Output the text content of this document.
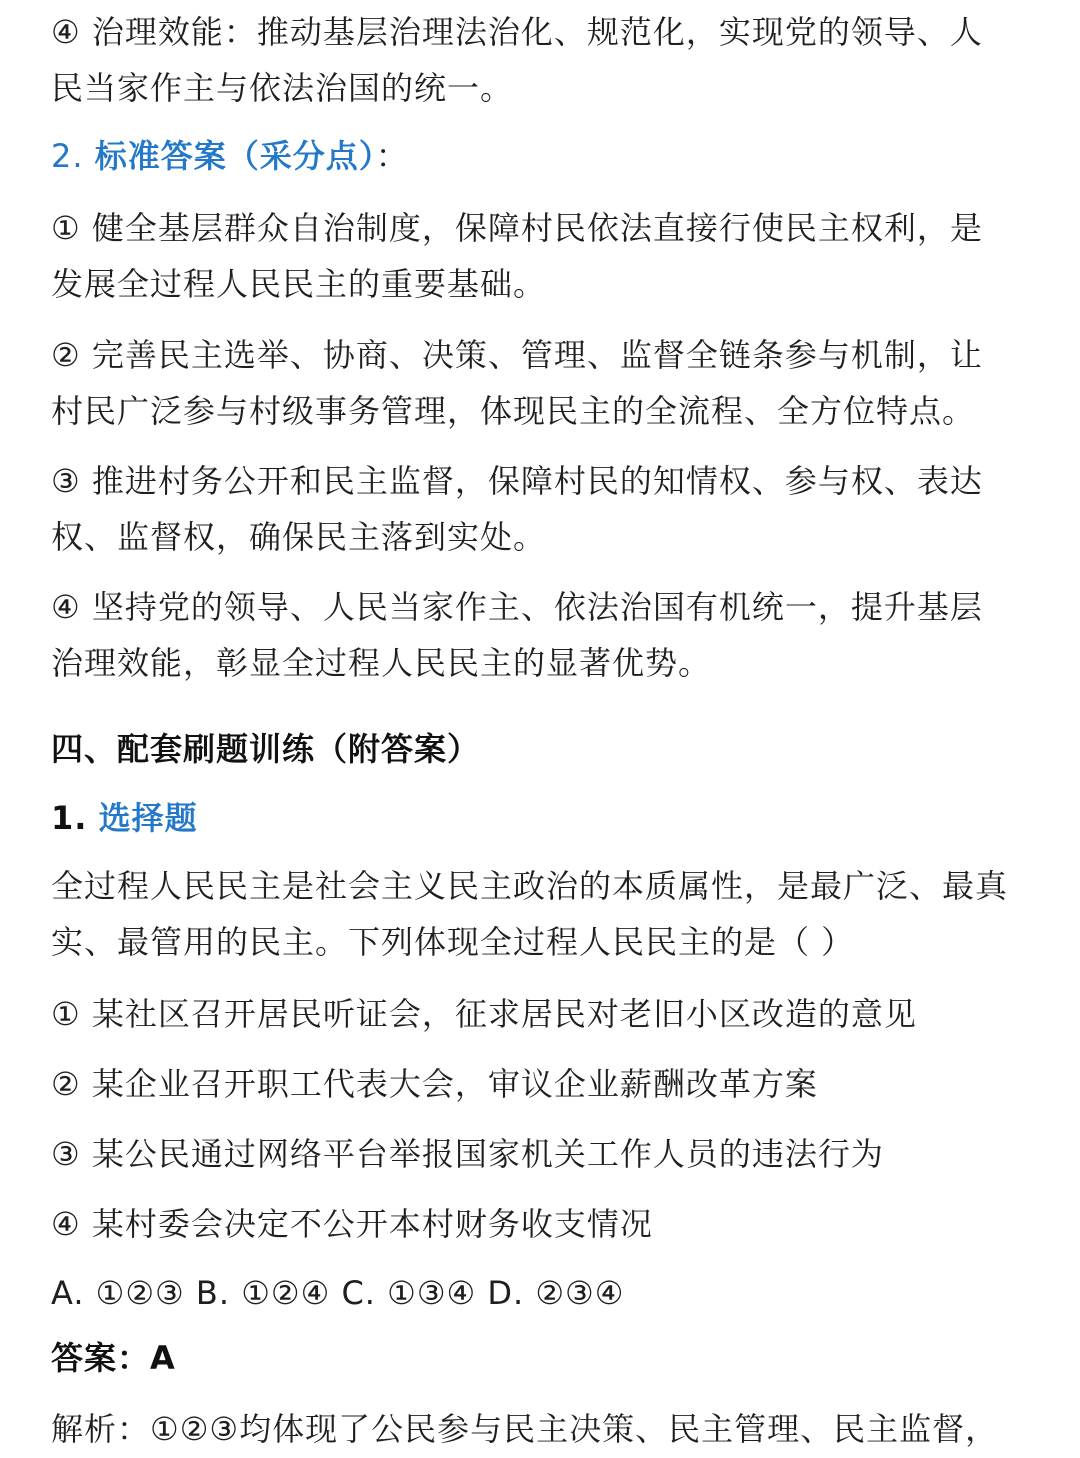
④ 治理效能：推动基层治理法治化、规范化，实现党的领导、人
民当家作主与依法治国的统一。
2. 标准答案（采分点）：
① 健全基层群众自治制度，保障村民依法直接行使民主权利，是
发展全过程人民民主的重要基础。
② 完善民主选举、协商、决策、管理、监督全链条参与机制，让
村民广泛参与村级事务管理，体现民主的全流程、全方位特点。
③ 推进村务公开和民主监督，保障村民的知情权、参与权、表达
权、监督权，确保民主落到实处。
④ 坚持党的领导、人民当家作主、依法治国有机统一，提升基层
治理效能，彰显全过程人民民主的显著优势。
四、配套刷题训练（附答案）
1. 选择题
全过程人民民主是社会主义民主政治的本质属性，是最广泛、最真
实、最管用的民主。下列体现全过程人民民主的是（ ）
① 某社区召开居民听证会，征求居民对老旧小区改造的意见
② 某企业召开职工代表大会，审议企业薪酬改革方案
③ 某公民通过网络平台举报国家机关工作人员的违法行为
④ 某村委会决定不公开本村财务收支情况
A. ①②③ B. ①②④ C. ①③④ D. ②③④
答案：A
解析：①②③均体现了公民参与民主决策、民主管理、民主监督，
